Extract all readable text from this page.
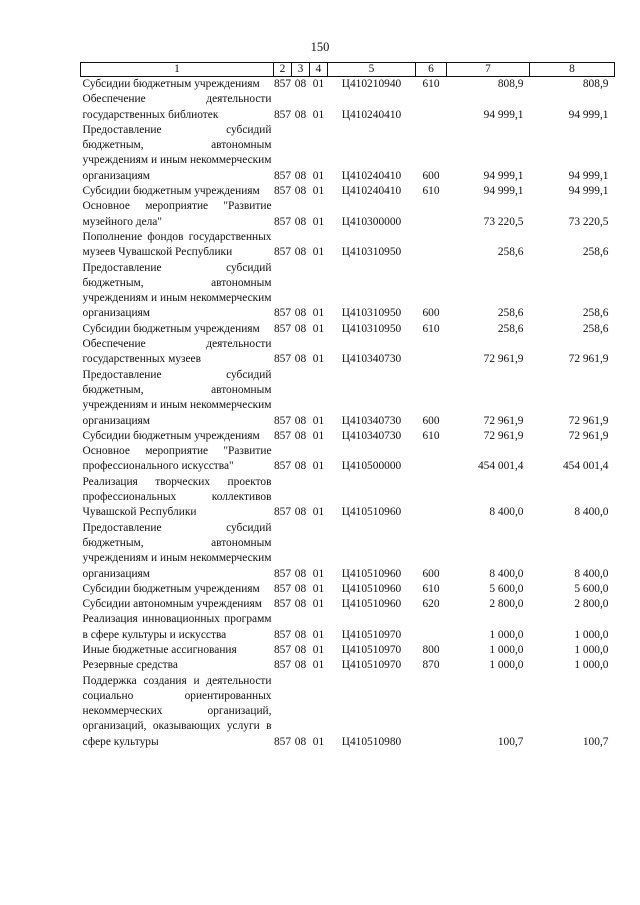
150
1	2	3	4	5	6	7	8
Субсидии бюджетным учреждениям	857	08	01	Ц410210940	610	808,9	808,9
Обеспечение деятельности государственных библиотек	857	08	01	Ц410240410		94 999,1	94 999,1
Предоставление субсидий бюджетным, автономным учреждениям и иным некоммерческим организациям	857	08	01	Ц410240410	600	94 999,1	94 999,1
Субсидии бюджетным учреждениям	857	08	01	Ц410240410	610	94 999,1	94 999,1
Основное мероприятие "Развитие музейного дела"	857	08	01	Ц410300000		73 220,5	73 220,5
Пополнение фондов государственных музеев Чувашской Республики	857	08	01	Ц410310950		258,6	258,6
Предоставление субсидий бюджетным, автономным учреждениям и иным некоммерческим организациям	857	08	01	Ц410310950	600	258,6	258,6
Субсидии бюджетным учреждениям	857	08	01	Ц410310950	610	258,6	258,6
Обеспечение деятельности государственных музеев	857	08	01	Ц410340730		72 961,9	72 961,9
Предоставление субсидий бюджетным, автономным учреждениям и иным некоммерческим организациям	857	08	01	Ц410340730	600	72 961,9	72 961,9
Субсидии бюджетным учреждениям	857	08	01	Ц410340730	610	72 961,9	72 961,9
Основное мероприятие "Развитие профессионального искусства"	857	08	01	Ц410500000		454 001,4	454 001,4
Реализация творческих проектов профессиональных коллективов Чувашской Республики	857	08	01	Ц410510960		8 400,0	8 400,0
Предоставление субсидий бюджетным, автономным учреждениям и иным некоммерческим организациям	857	08	01	Ц410510960	600	8 400,0	8 400,0
Субсидии бюджетным учреждениям	857	08	01	Ц410510960	610	5 600,0	5 600,0
Субсидии автономным учреждениям	857	08	01	Ц410510960	620	2 800,0	2 800,0
Реализация инновационных программ в сфере культуры и искусства	857	08	01	Ц410510970		1 000,0	1 000,0
Иные бюджетные ассигнования	857	08	01	Ц410510970	800	1 000,0	1 000,0
Резервные средства	857	08	01	Ц410510970	870	1 000,0	1 000,0
Поддержка создания и деятельности социально ориентированных некоммерческих организаций, организаций, оказывающих услуги в сфере культуры	857	08	01	Ц410510980		100,7	100,7
